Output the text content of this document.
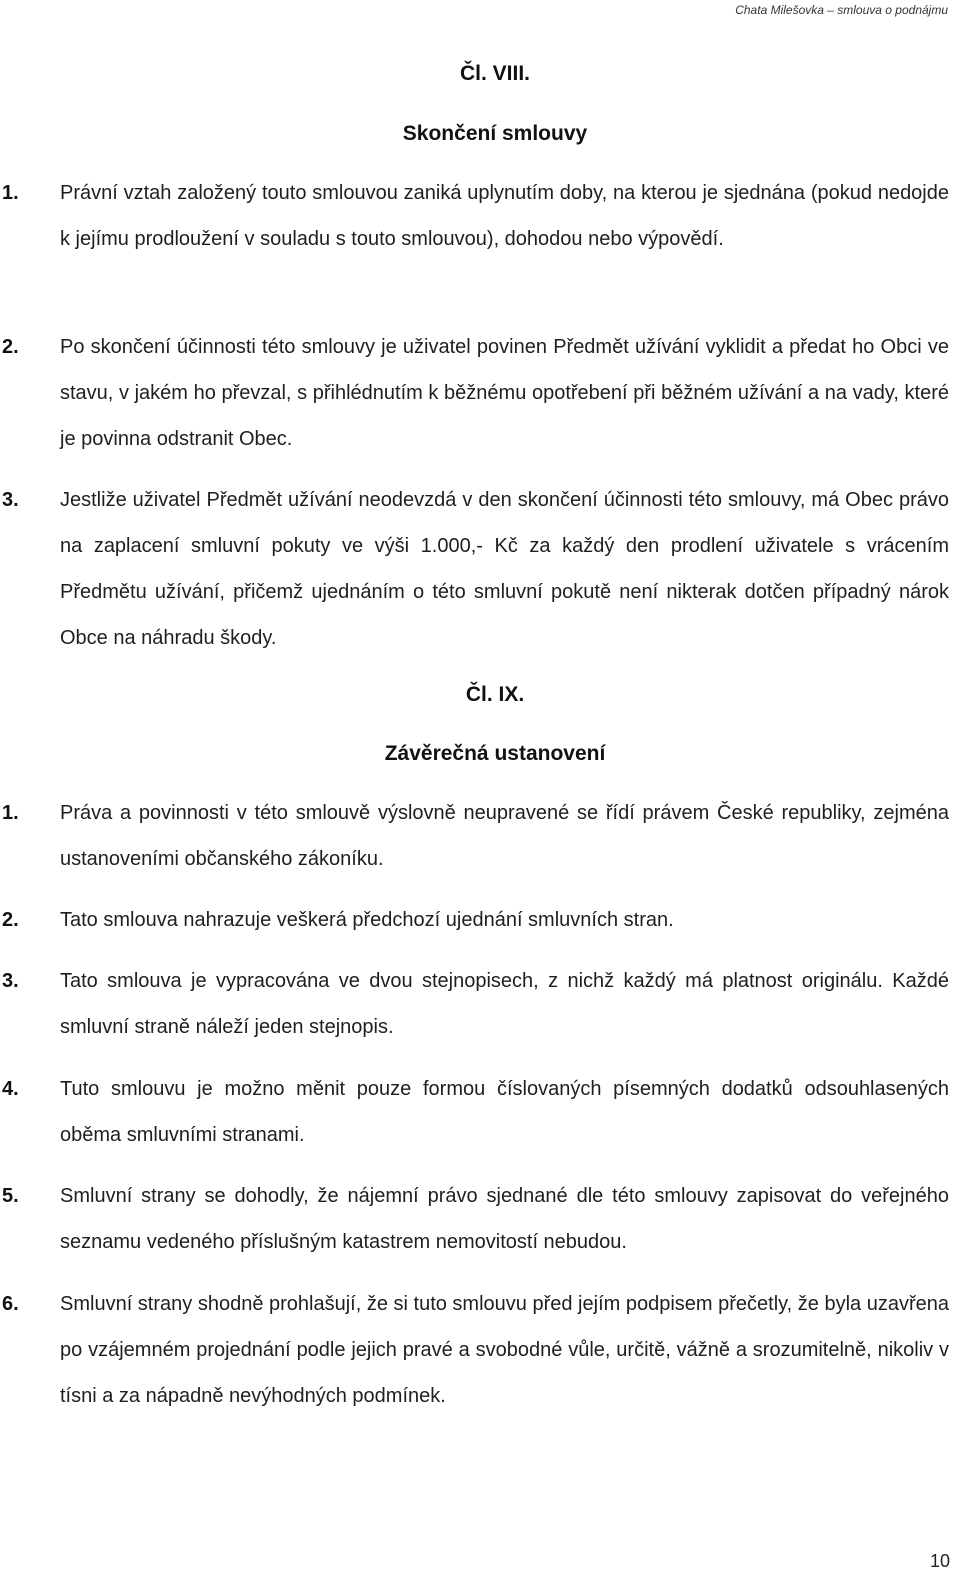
Chata Milešovka – smlouva o podnájmu
Čl. VIII.
Skončení smlouvy
1. Právní vztah založený touto smlouvou zaniká uplynutím doby, na kterou je sjednána (pokud nedojde k jejímu prodloužení v souladu s touto smlouvou), dohodou nebo výpovědí.
2. Po skončení účinnosti této smlouvy je uživatel povinen Předmět užívání vyklidit a předat ho Obci ve stavu, v jakém ho převzal, s přihlédnutím k běžnému opotřebení při běžném užívání a na vady, které je povinna odstranit Obec.
3. Jestliže uživatel Předmět užívání neodevzdá v den skončení účinnosti této smlouvy, má Obec právo na zaplacení smluvní pokuty ve výši 1.000,- Kč za každý den prodlení uživatele s vrácením Předmětu užívání, přičemž ujednáním o této smluvní pokutě není nikterak dotčen případný nárok Obce na náhradu škody.
Čl. IX.
Závěrečná ustanovení
1. Práva a povinnosti v této smlouvě výslovně neupravené se řídí právem České republiky, zejména ustanoveními občanského zákoníku.
2. Tato smlouva nahrazuje veškerá předchozí ujednání smluvních stran.
3. Tato smlouva je vypracována ve dvou stejnopisech, z nichž každý má platnost originálu. Každé smluvní straně náleží jeden stejnopis.
4. Tuto smlouvu je možno měnit pouze formou číslovaných písemných dodatků odsouhlasených oběma smluvními stranami.
5. Smluvní strany se dohodly, že nájemní právo sjednané dle této smlouvy zapisovat do veřejného seznamu vedeného příslušným katastrem nemovitostí nebudou.
6. Smluvní strany shodně prohlašují, že si tuto smlouvu před jejím podpisem přečetly, že byla uzavřena po vzájemném projednání podle jejich pravé a svobodné vůle, určitě, vážně a srozumitelně, nikoliv v tísni a za nápadně nevýhodných podmínek.
10
